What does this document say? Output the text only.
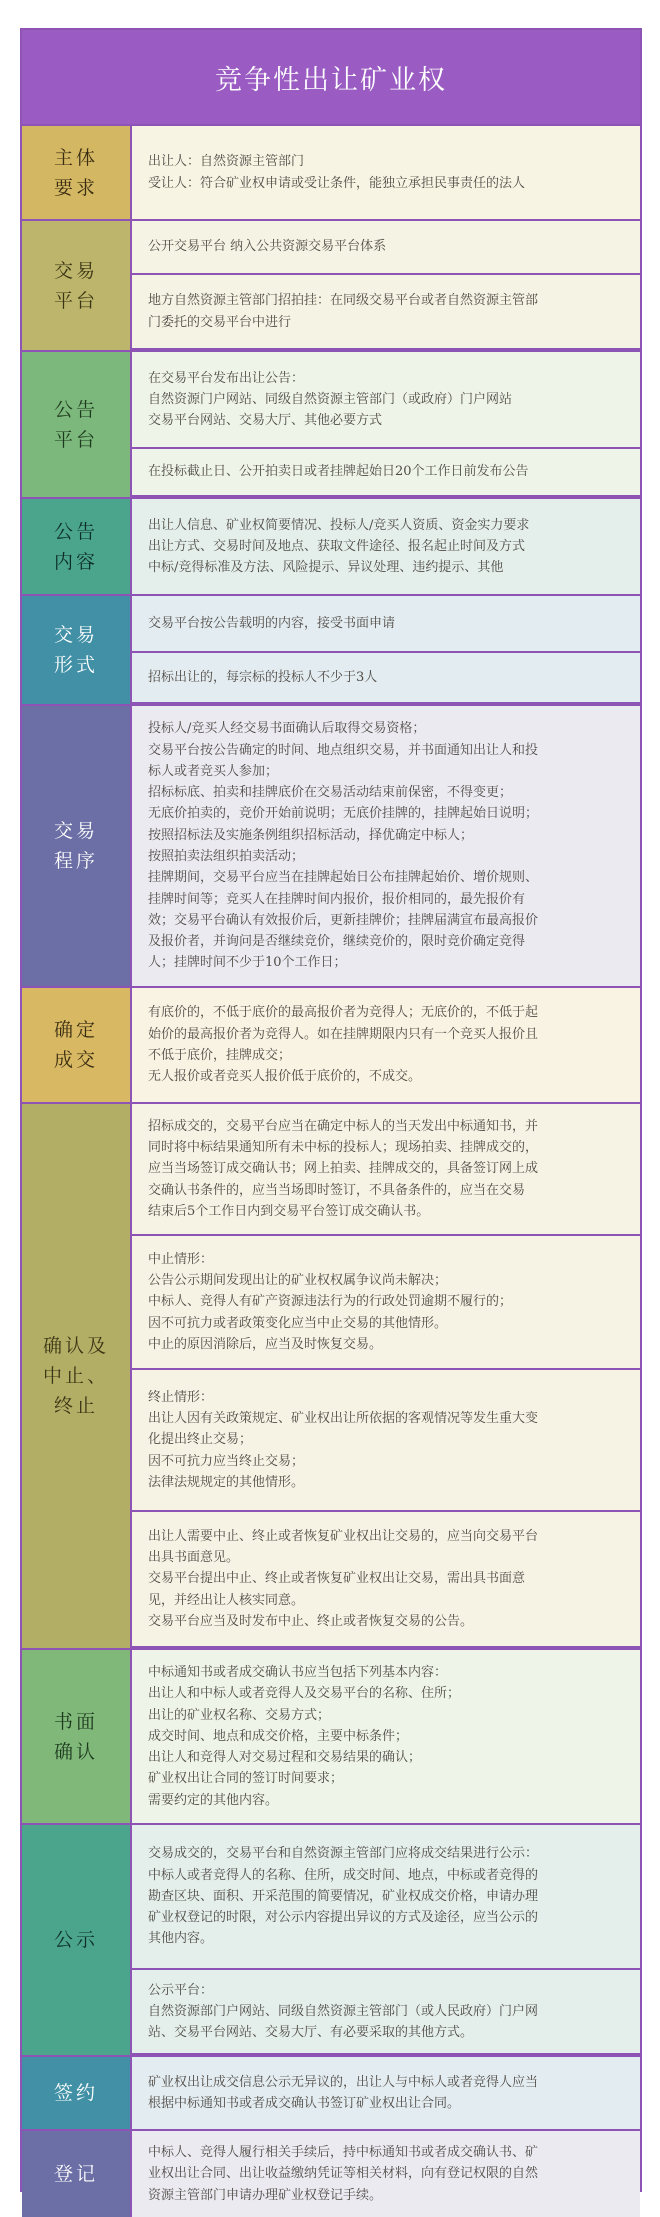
竞争性出让矿业权
主体
要求
出让人：自然资源主管部门
受让人：符合矿业权申请或受让条件，能独立承担民事责任的法人
交易
平台
公开交易平台 纳入公共资源交易平台体系
地方自然资源主管部门招拍挂：在同级交易平台或者自然资源主管部
门委托的交易平台中进行
公告
平台
在交易平台发布出让公告：
自然资源门户网站、同级自然资源主管部门（或政府）门户网站
交易平台网站、交易大厅、其他必要方式
在投标截止日、公开拍卖日或者挂牌起始日20个工作日前发布公告
公告
内容
出让人信息、矿业权简要情况、投标人/竞买人资质、资金实力要求
出让方式、交易时间及地点、获取文件途径、报名起止时间及方式
中标/竞得标准及方法、风险提示、异议处理、违约提示、其他
交易
形式
交易平台按公告载明的内容，接受书面申请
招标出让的，每宗标的投标人不少于3人
交易
程序
投标人/竞买人经交易书面确认后取得交易资格；
交易平台按公告确定的时间、地点组织交易，并书面通知出让人和投
标人或者竞买人参加；
招标标底、拍卖和挂牌底价在交易活动结束前保密，不得变更；
无底价拍卖的，竞价开始前说明；无底价挂牌的，挂牌起始日说明；
按照招标法及实施条例组织招标活动，择优确定中标人；
按照拍卖法组织拍卖活动；
挂牌期间，交易平台应当在挂牌起始日公布挂牌起始价、增价规则、
挂牌时间等；竞买人在挂牌时间内报价，报价相同的，最先报价有
效；交易平台确认有效报价后，更新挂牌价；挂牌届满宣布最高报价
及报价者，并询问是否继续竞价，继续竞价的，限时竞价确定竞得
人；挂牌时间不少于10个工作日；
确定
成交
有底价的，不低于底价的最高报价者为竞得人；无底价的，不低于起
始价的最高报价者为竞得人。如在挂牌期限内只有一个竞买人报价且
不低于底价，挂牌成交；
无人报价或者竞买人报价低于底价的，不成交。
确认及
中止、
终止
招标成交的，交易平台应当在确定中标人的当天发出中标通知书，并
同时将中标结果通知所有未中标的投标人；现场拍卖、挂牌成交的，
应当当场签订成交确认书；网上拍卖、挂牌成交的，具备签订网上成
交确认书条件的，应当当场即时签订，不具备条件的，应当在交易
结束后5个工作日内到交易平台签订成交确认书。
中止情形：
公告公示期间发现出让的矿业权权属争议尚未解决；
中标人、竞得人有矿产资源违法行为的行政处罚逾期不履行的；
因不可抗力或者政策变化应当中止交易的其他情形。
中止的原因消除后，应当及时恢复交易。
终止情形：
出让人因有关政策规定、矿业权出让所依据的客观情况等发生重大变
化提出终止交易；
因不可抗力应当终止交易；
法律法规规定的其他情形。
出让人需要中止、终止或者恢复矿业权出让交易的，应当向交易平台
出具书面意见。
交易平台提出中止、终止或者恢复矿业权出让交易，需出具书面意
见，并经出让人核实同意。
交易平台应当及时发布中止、终止或者恢复交易的公告。
书面
确认
中标通知书或者成交确认书应当包括下列基本内容：
出让人和中标人或者竞得人及交易平台的名称、住所；
出让的矿业权名称、交易方式；
成交时间、地点和成交价格，主要中标条件；
出让人和竞得人对交易过程和交易结果的确认；
矿业权出让合同的签订时间要求；
需要约定的其他内容。
公示
交易成交的，交易平台和自然资源主管部门应将成交结果进行公示：
中标人或者竞得人的名称、住所，成交时间、地点，中标或者竞得的
勘查区块、面积、开采范围的简要情况，矿业权成交价格，申请办理
矿业权登记的时限，对公示内容提出异议的方式及途径，应当公示的
其他内容。
公示平台：
自然资源部门户网站、同级自然资源主管部门（或人民政府）门户网
站、交易平台网站、交易大厅、有必要采取的其他方式。
签约	矿业权出让成交信息公示无异议的，出让人与中标人或者竞得人应当
根据中标通知书或者成交确认书签订矿业权出让合同。
登记
中标人、竞得人履行相关手续后，持中标通知书或者成交确认书、矿
业权出让合同、出让收益缴纳凭证等相关材料，向有登记权限的自然
资源主管部门申请办理矿业权登记手续。
